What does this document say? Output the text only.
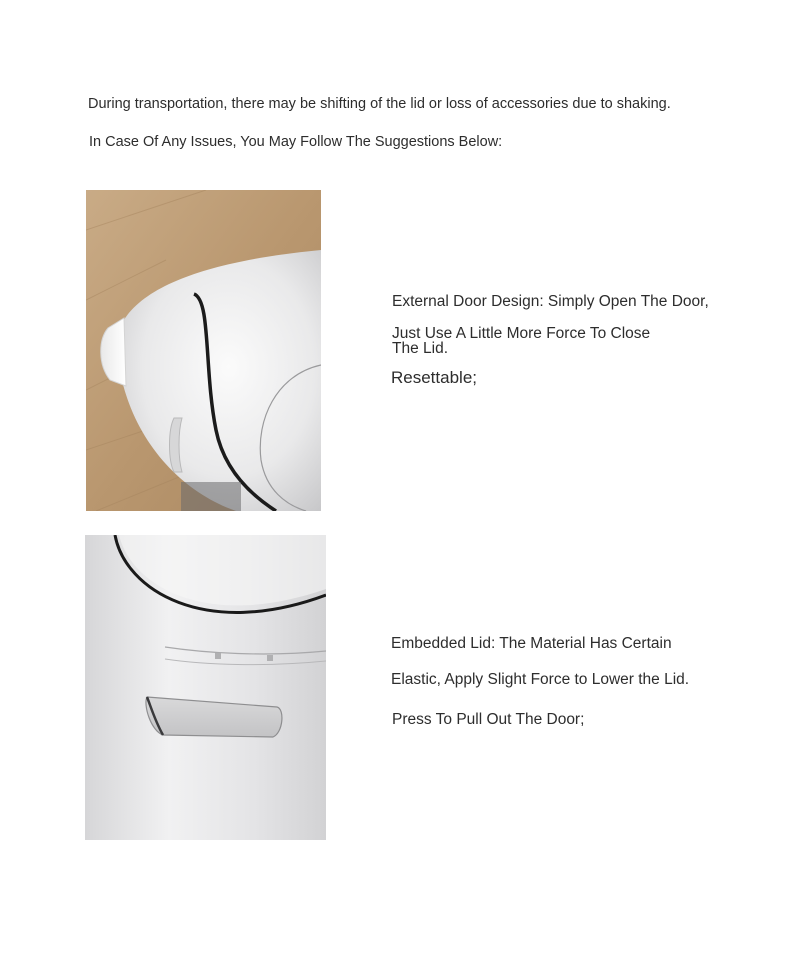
During transportation, there may be shifting of the lid or loss of accessories due to shaking.
In Case Of Any Issues, You May Follow The Suggestions Below:
External Door Design: Simply Open The Door,
Just Use A Little More Force To Close
The Lid.
Resettable;
Embedded Lid: The Material Has Certain
Elastic, Apply Slight Force to Lower the Lid.
Press To Pull Out The Door;
